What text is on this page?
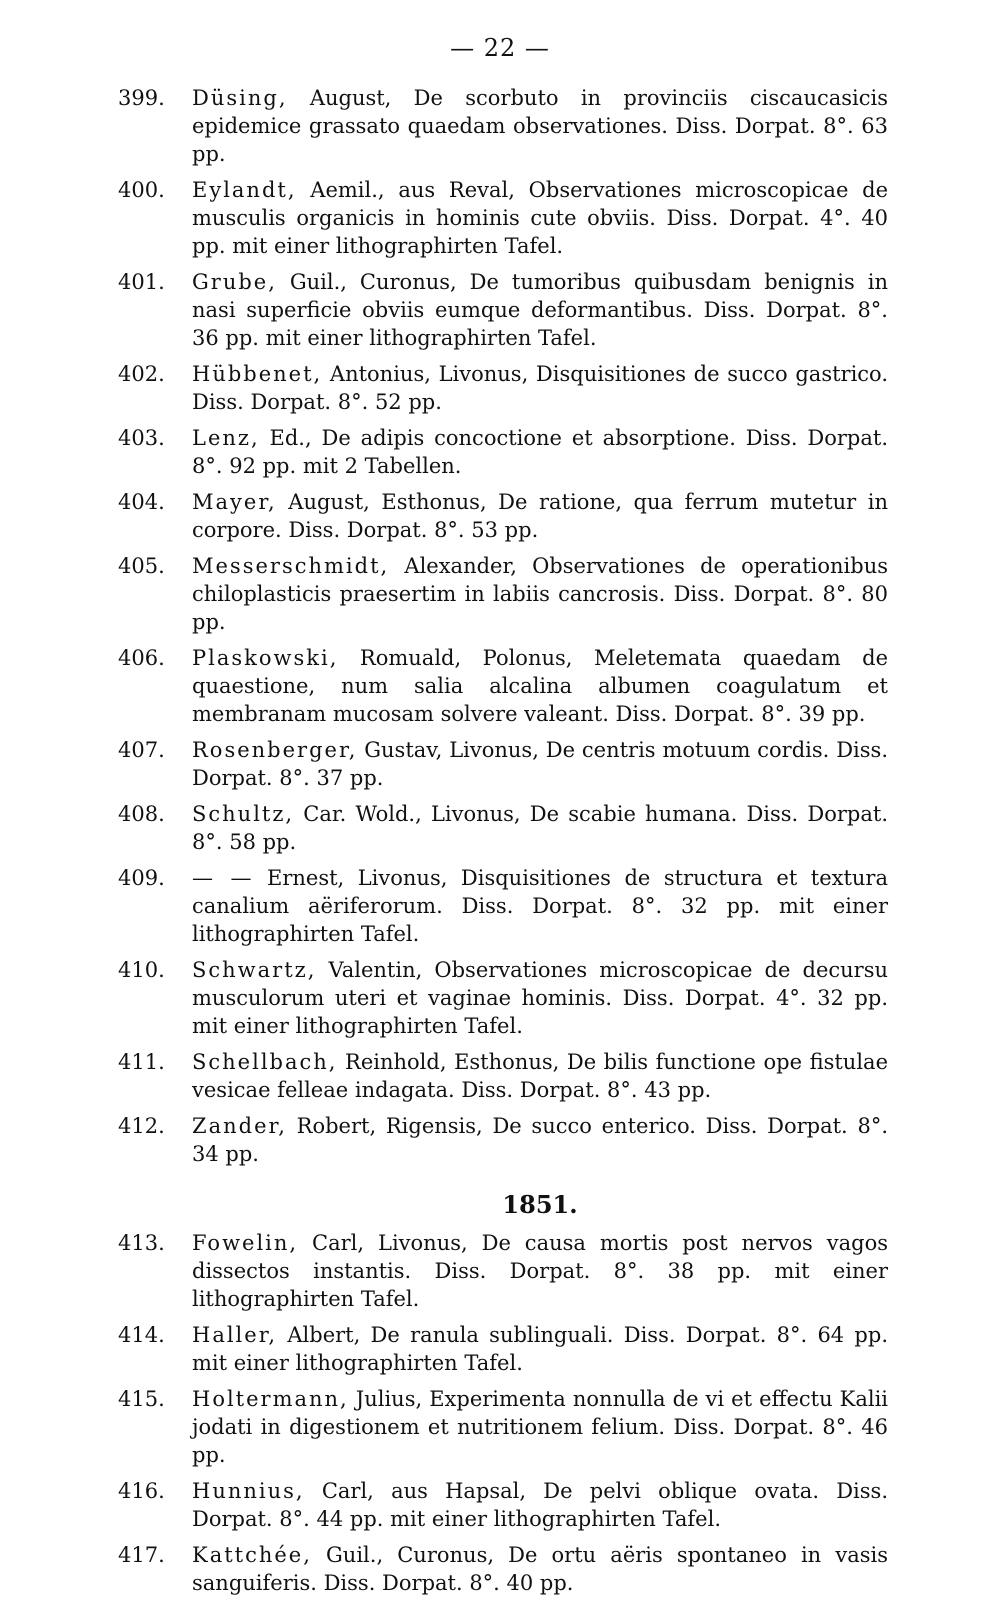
— 22 —
399.	Düsing, August, De scorbuto in provinciis ciscaucasicis epidemice grassato quaedam observationes. Diss. Dorpat. 8°. 63 pp.
400.	Eylandt, Aemil., aus Reval, Observationes microscopicae de musculis organicis in hominis cute obviis. Diss. Dorpat. 4°. 40 pp. mit einer lithographirten Tafel.
401.	Grube, Guil., Curonus, De tumoribus quibusdam benignis in nasi superficie obviis eumque deformantibus. Diss. Dorpat. 8°. 36 pp. mit einer lithographirten Tafel.
402.	Hübbenet, Antonius, Livonus, Disquisitiones de succo gastrico. Diss. Dorpat. 8°. 52 pp.
403.	Lenz, Ed., De adipis concoctione et absorptione. Diss. Dorpat. 8°. 92 pp. mit 2 Tabellen.
404.	Mayer, August, Esthonus, De ratione, qua ferrum mutetur in corpore. Diss. Dorpat. 8°. 53 pp.
405.	Messerschmidt, Alexander, Observationes de operationibus chiloplasticis praesertim in labiis cancrosis. Diss. Dorpat. 8°. 80 pp.
406.	Plaskowski, Romuald, Polonus, Meletemata quaedam de quaestione, num salia alcalina albumen coagulatum et membranam mucosam solvere valeant. Diss. Dorpat. 8°. 39 pp.
407.	Rosenberger, Gustav, Livonus, De centris motuum cordis. Diss. Dorpat. 8°. 37 pp.
408.	Schultz, Car. Wold., Livonus, De scabie humana. Diss. Dorpat. 8°. 58 pp.
409.	— — Ernest, Livonus, Disquisitiones de structura et textura canalium aëriferorum. Diss. Dorpat. 8°. 32 pp. mit einer lithographirten Tafel.
410.	Schwartz, Valentin, Observationes microscopicae de decursu musculorum uteri et vaginae hominis. Diss. Dorpat. 4°. 32 pp. mit einer lithographirten Tafel.
411.	Schellbach, Reinhold, Esthonus, De bilis functione ope fistulae vesicae felleae indagata. Diss. Dorpat. 8°. 43 pp.
412.	Zander, Robert, Rigensis, De succo enterico. Diss. Dorpat. 8°. 34 pp.
1851.
413.	Fowelin, Carl, Livonus, De causa mortis post nervos vagos dissectos instantis. Diss. Dorpat. 8°. 38 pp. mit einer lithographirten Tafel.
414.	Haller, Albert, De ranula sublinguali. Diss. Dorpat. 8°. 64 pp. mit einer lithographirten Tafel.
415.	Holtermann, Julius, Experimenta nonnulla de vi et effectu Kalii jodati in digestionem et nutritionem felium. Diss. Dorpat. 8°. 46 pp.
416.	Hunnius, Carl, aus Hapsal, De pelvi oblique ovata. Diss. Dorpat. 8°. 44 pp. mit einer lithographirten Tafel.
417.	Kattchée, Guil., Curonus, De ortu aëris spontaneo in vasis sanguiferis. Diss. Dorpat. 8°. 40 pp.
